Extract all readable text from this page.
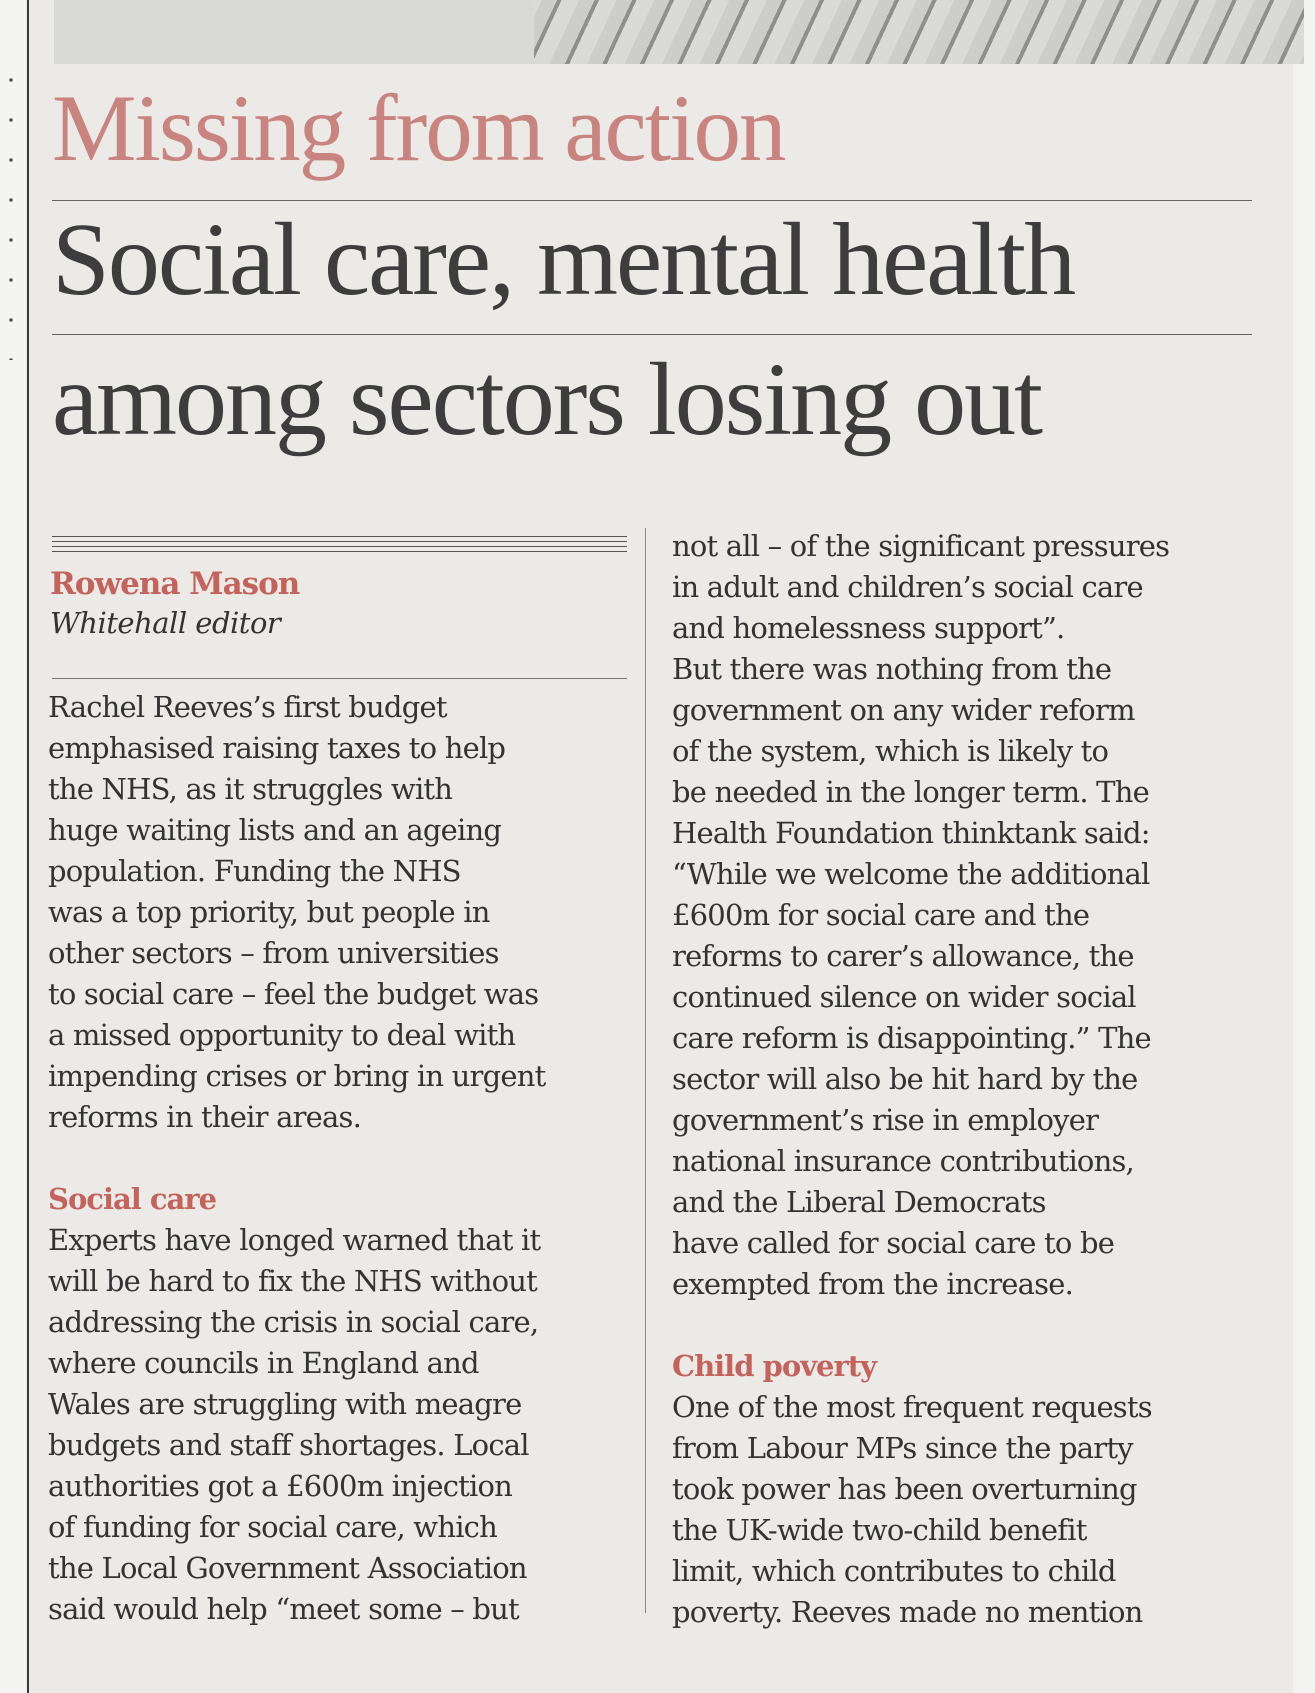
Missing from action
Social care, mental health
among sectors losing out

Rowena Mason

Whitehall editor

Rachel Reeves’s first budget

emphasised raising taxes to help

the NHS, as it struggles with

huge waiting lists and an ageing

population. Funding the NHS

was a top priority, but people in

other sectors – from universities

to social care – feel the budget was

a missed opportunity to deal with

impending crises or bring in urgent

reforms in their areas.

Social care

Experts have longed warned that it

will be hard to fix the NHS without

addressing the crisis in social care,

where councils in England and

Wales are struggling with meagre

budgets and staff shortages. Local

authorities got a £600m injection

of funding for social care, which

the Local Government Association

said would help “meet some – but

not all – of the significant pressures

in adult and children’s social care

and homelessness support”.

But there was nothing from the

government on any wider reform

of the system, which is likely to

be needed in the longer term. The

Health Foundation thinktank said:

“While we welcome the additional

£600m for social care and the

reforms to carer’s allowance, the

continued silence on wider social

care reform is disappointing.” The

sector will also be hit hard by the

government’s rise in employer

national insurance contributions,

and the Liberal Democrats

have called for social care to be

exempted from the increase.

Child poverty

One of the most frequent requests

from Labour MPs since the party

took power has been overturning

the UK-wide two-child benefit

limit, which contributes to child

poverty. Reeves made no mention
